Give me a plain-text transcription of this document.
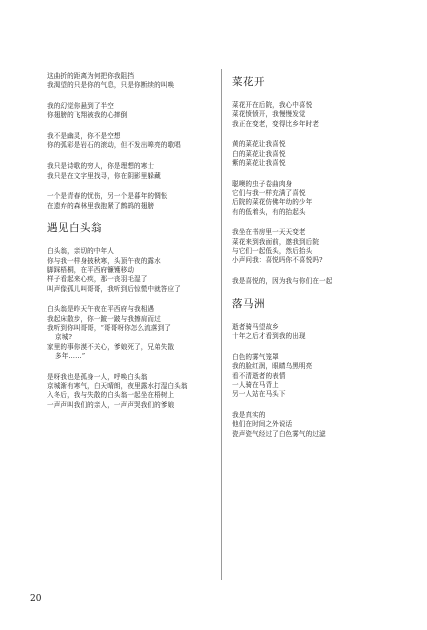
这曲折的距离为何把你我阻挡
我渴望的只是你的气息，只是你断续的叫唤
我的幻觉你悬到了半空
你翅膀的飞翔被我的心摔倒
我不是幽灵，你不是空想
你的弧彩是岩石的滚动，但不发出嗥亮的歌唱
我只是诗歌的穷人，你是理想的寒士
我只是在文字里找寻，你在阴影里躲藏
一个是青春的忧伤，另一个是暮年的惆怅
在遗弃的森林里我抱紧了鹧鸪的翅膀
遇见白头翁
白头翁，亲切的中年人
你与我一样身披秋寒，头顶午夜的露水
脚踩梧桐，在平西府镰镬移动
样子看起来心疾，那一丧羽毛湿了
叫声像孤儿叫哥哥，我听到后惊慌中就答应了
白头翁是昨天午夜在平西府与我相遇
我起床散步，你一跛一跛与我擦肩而过
我听到你叫哥哥，“哥哥呀你怎么流落到了
京城?
家里的事你漠不关心，爹娘死了，兄弟失散
多年……”
是呀我也是孤身一人，呼唤白头翁
京城渐有寒气，白天晴朗，夜里露水打湿白头翁
入冬后，我与失散的白头翁一起坐在梧树上
一声声叫我们的亲人，一声声哭我们的爹娘
菜花开
菜花开在后院，我心中喜悦
菜花愤愤开，我慢慢发觉
我正在变老，变得比乡年时老
黄的菜花让我喜悦
白的菜花让我喜悦
紫的菜花让我喜悦
聪噢的虫子卷曲肉身
它们与我一样充满了喜悦
后院的菜花仿佛年幼的少年
有的低着头，有的抬起头
我坐在书房里一天天变老
菜花来到我面前，邀我到后院
与它们一起低头，然后抬头
小声问我：喜悦吗你不喜悦吗?
我是喜悦的，因为我与你们在一起
落马洲
逝者骑马望故乡
十年之后才看到我的出现
白色的雾气笼罩
我的脸红润，眼睛乌黑明亮
看不清逝者的表情
一人骑在马背上
另一人站在马头下
我是真实的
他们在时间之外说话
瓷声瓷气经过了白色雾气的过滤
20
